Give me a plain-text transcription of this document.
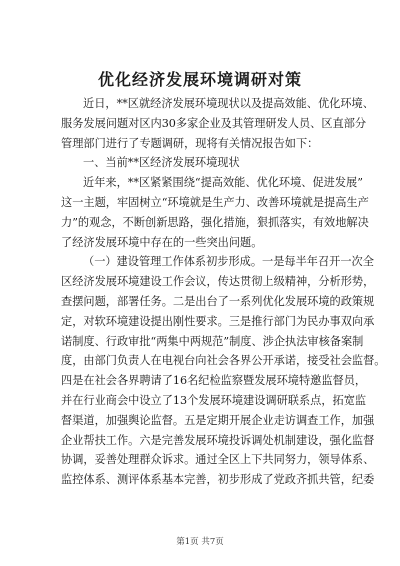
优化经济发展环境调研对策
近日，**区就经济发展环境现状以及提高效能、优化环境、
服务发展问题对区内30多家企业及其管理研发人员、区直部分
管理部门进行了专题调研，现将有关情况报告如下：
一、当前**区经济发展环境现状
近年来，**区紧紧围绕“提高效能、优化环境、促进发展”
这一主题，牢固树立“环境就是生产力、改善环境就是提高生产
力”的观念，不断创新思路，强化措施，狠抓落实，有效地解决
了经济发展环境中存在的一些突出问题。
（一）建设管理工作体系初步形成。一是每半年召开一次全
区经济发展环境建设工作会议，传达贯彻上级精神，分析形势，
查摆问题，部署任务。二是出台了一系列优化发展环境的政策规
定，对软环境建设提出刚性要求。三是推行部门为民办事双向承
诺制度、行政审批“两集中两规范”制度、涉企执法审核备案制
度，由部门负责人在电视台向社会各界公开承诺，接受社会监督。
四是在社会各界聘请了16名纪检监察暨发展环境特邀监督员，
并在行业商会中设立了13个发展环境建设调研联系点，拓宽监
督渠道，加强舆论监督。五是定期开展企业走访调查工作，加强
企业帮扶工作。六是完善发展环境投诉调处机制建设，强化监督
协调，妥善处理群众诉求。通过全区上下共同努力，领导体系、
监控体系、测评体系基本完善，初步形成了党政齐抓共管，纪委
第1页 共7页
